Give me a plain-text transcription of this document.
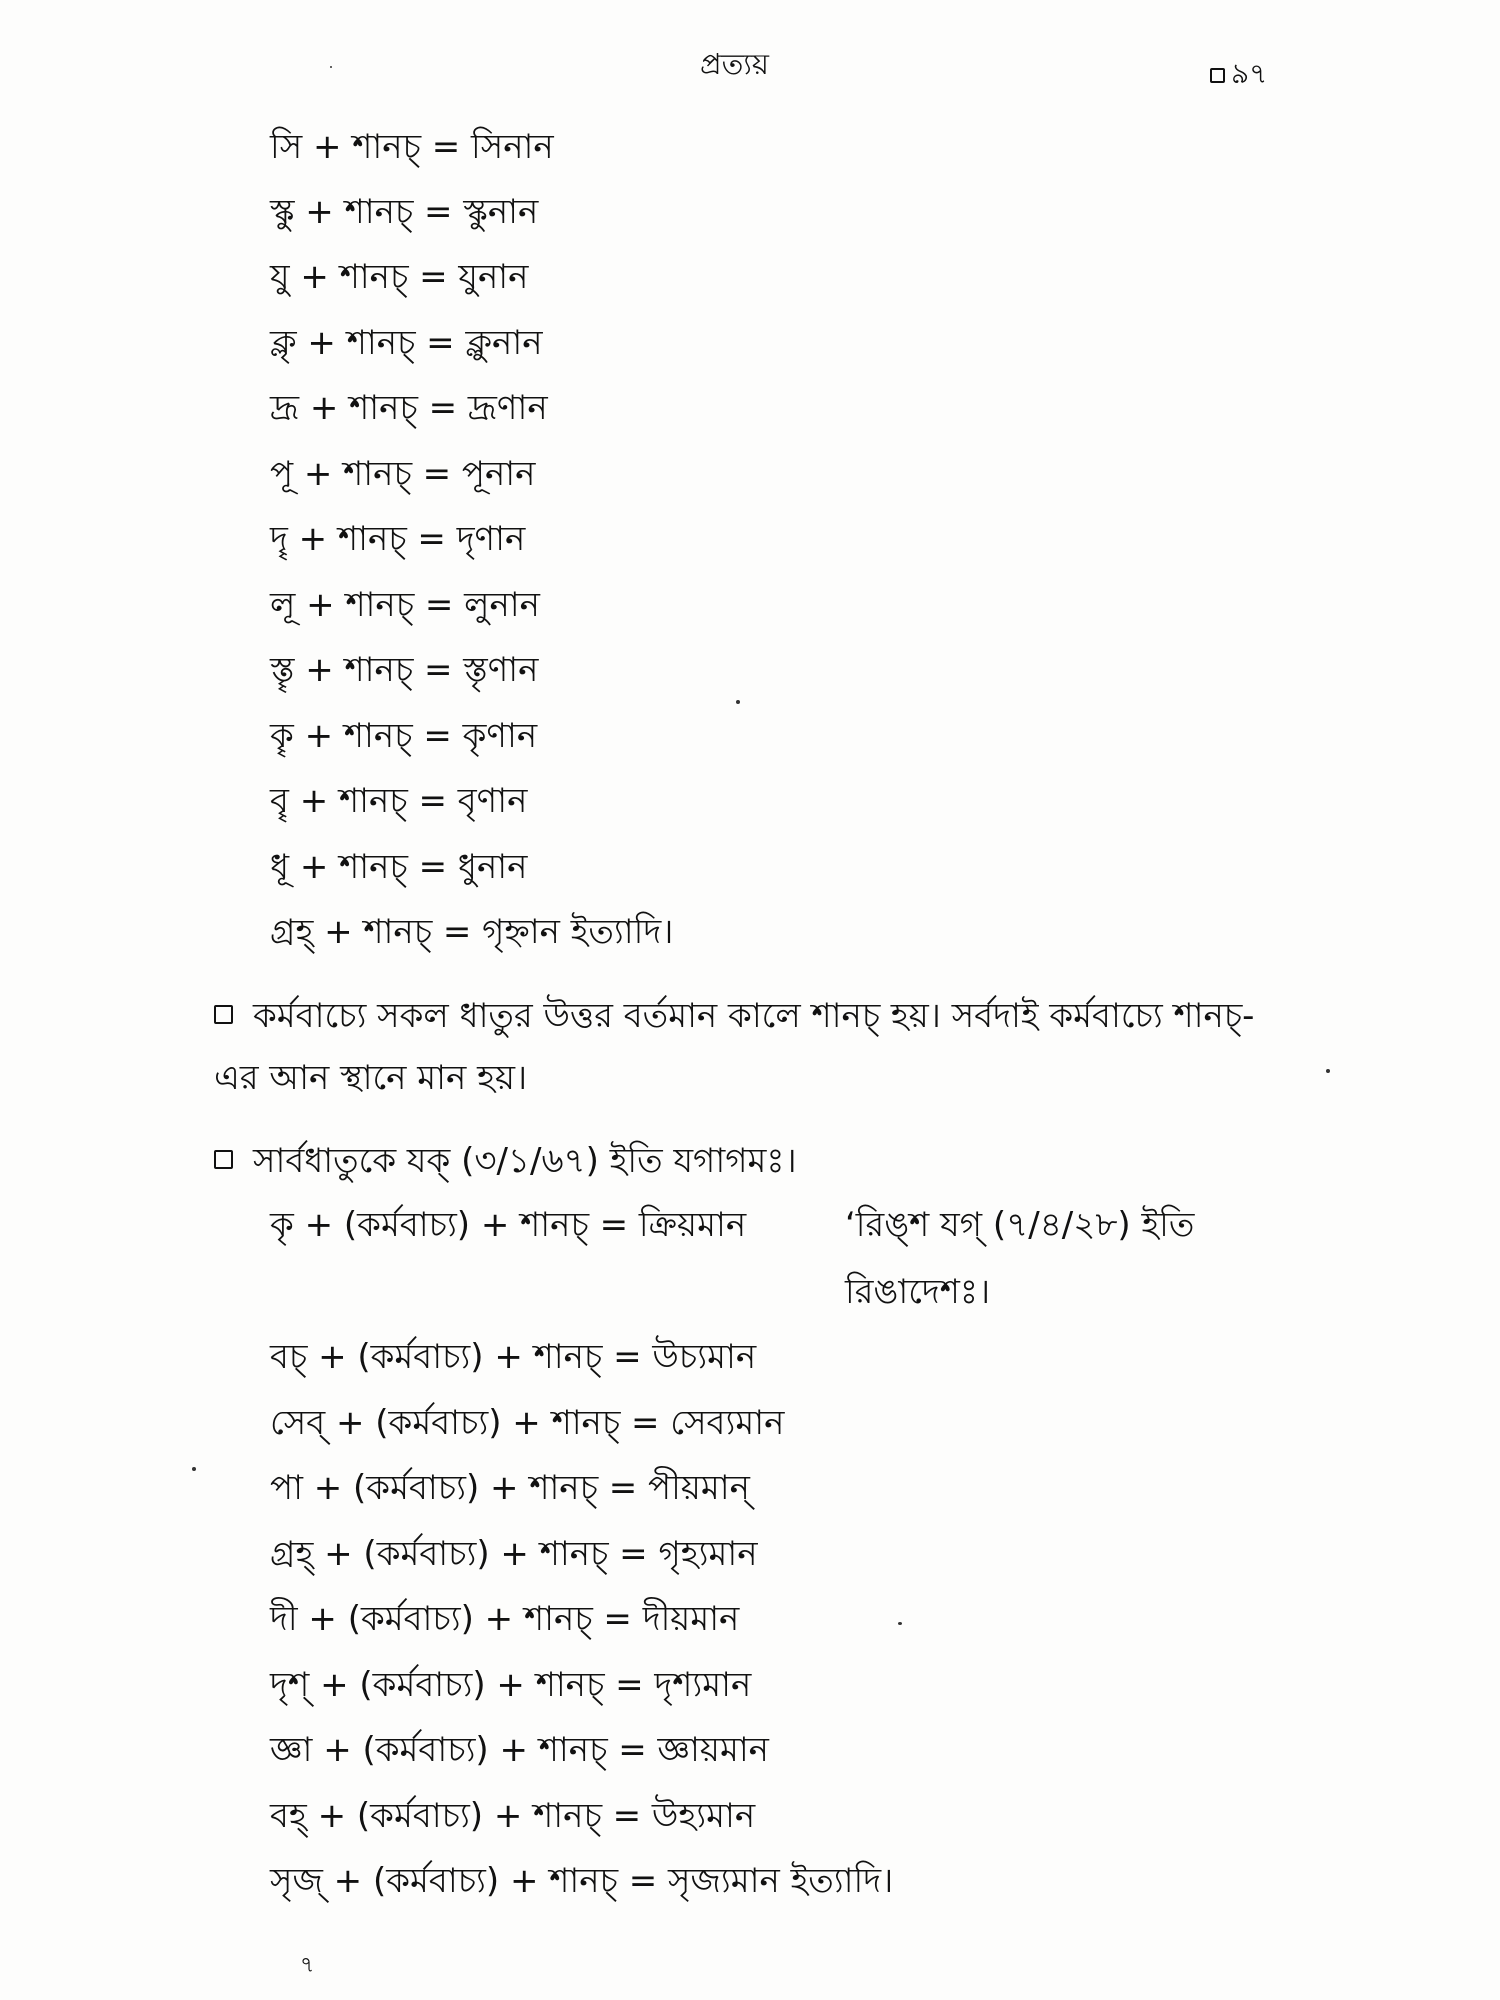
প্রত্যয়	৯৭
সি + শানচ্ = সিনান
স্কু + শানচ্ = স্কুনান
যু + শানচ্ = যুনান
ক্লৃ + শানচ্ = ক্লুনান
দ্রূ + শানচ্ = দ্রূণান
পূ + শানচ্ = পূনান
দৄ + শানচ্ = দৃণান
লূ + শানচ্ = লুনান
স্তৄ + শানচ্ = স্তৃণান
কৄ + শানচ্ = কৃণান
বৄ + শানচ্ = বৃণান
ধূ + শানচ্ = ধুনান
গ্রহ্ + শানচ্ = গৃহ্নান ইত্যাদি।
কর্মবাচ্যে সকল ধাতুর উত্তর বর্তমান কালে শানচ্ হয়। সর্বদাই কর্মবাচ্যে শানচ্-এর আন স্থানে মান হয়।
সার্বধাতুকে যক্ (৩/১/৬৭) ইতি যগাগমঃ।
কৃ + (কর্মবাচ্য) + শানচ্ = ক্রিয়মান	‘রিঙ্‌শ যগ্ (৭/৪/২৮) ইতি
রিঙাদেশঃ।
বচ্ + (কর্মবাচ্য) + শানচ্ = উচ্যমান
সেব্ + (কর্মবাচ্য) + শানচ্ = সেব্যমান
পা + (কর্মবাচ্য) + শানচ্ = পীয়মান্
গ্রহ্ + (কর্মবাচ্য) + শানচ্ = গৃহ্যমান
দী + (কর্মবাচ্য) + শানচ্ = দীয়মান
দৃশ্ + (কর্মবাচ্য) + শানচ্ = দৃশ্যমান
জ্ঞা + (কর্মবাচ্য) + শানচ্ = জ্ঞায়মান
বহ্ + (কর্মবাচ্য) + শানচ্ = উহ্যমান
সৃজ্ + (কর্মবাচ্য) + শানচ্ = সৃজ্যমান ইত্যাদি।
৭
